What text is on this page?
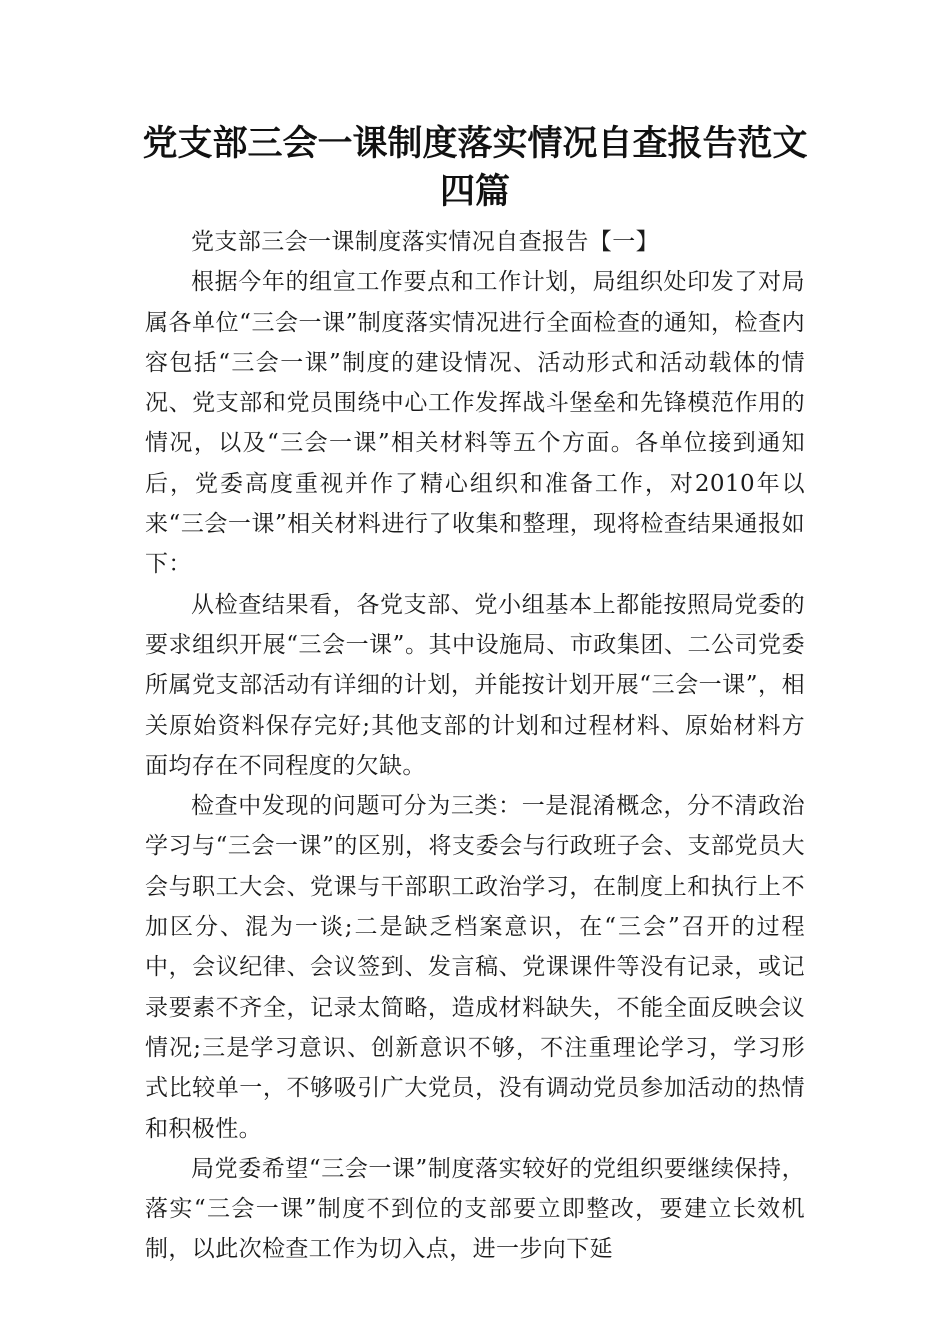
党支部三会一课制度落实情况自查报告范文
四篇

党支部三会一课制度落实情况自查报告【一】

根据今年的组宣工作要点和工作计划，局组织处印发了对局属各单位“三会一课”制度落实情况进行全面检查的通知，检查内容包括“三会一课”制度的建设情况、活动形式和活动载体的情况、党支部和党员围绕中心工作发挥战斗堡垒和先锋模范作用的情况，以及“三会一课”相关材料等五个方面。各单位接到通知后，党委高度重视并作了精心组织和准备工作，对2010年以来“三会一课”相关材料进行了收集和整理，现将检查结果通报如下：

从检查结果看，各党支部、党小组基本上都能按照局党委的要求组织开展“三会一课”。其中设施局、市政集团、二公司党委所属党支部活动有详细的计划，并能按计划开展“三会一课”，相关原始资料保存完好;其他支部的计划和过程材料、原始材料方面均存在不同程度的欠缺。

检查中发现的问题可分为三类：一是混淆概念，分不清政治学习与“三会一课”的区别，将支委会与行政班子会、支部党员大会与职工大会、党课与干部职工政治学习，在制度上和执行上不加区分、混为一谈;二是缺乏档案意识，在“三会”召开的过程中，会议纪律、会议签到、发言稿、党课课件等没有记录，或记录要素不齐全，记录太简略，造成材料缺失，不能全面反映会议情况;三是学习意识、创新意识不够，不注重理论学习，学习形式比较单一，不够吸引广大党员，没有调动党员参加活动的热情和积极性。

局党委希望“三会一课”制度落实较好的党组织要继续保持，落实“三会一课”制度不到位的支部要立即整改，要建立长效机制，以此次检查工作为切入点，进一步向下延
